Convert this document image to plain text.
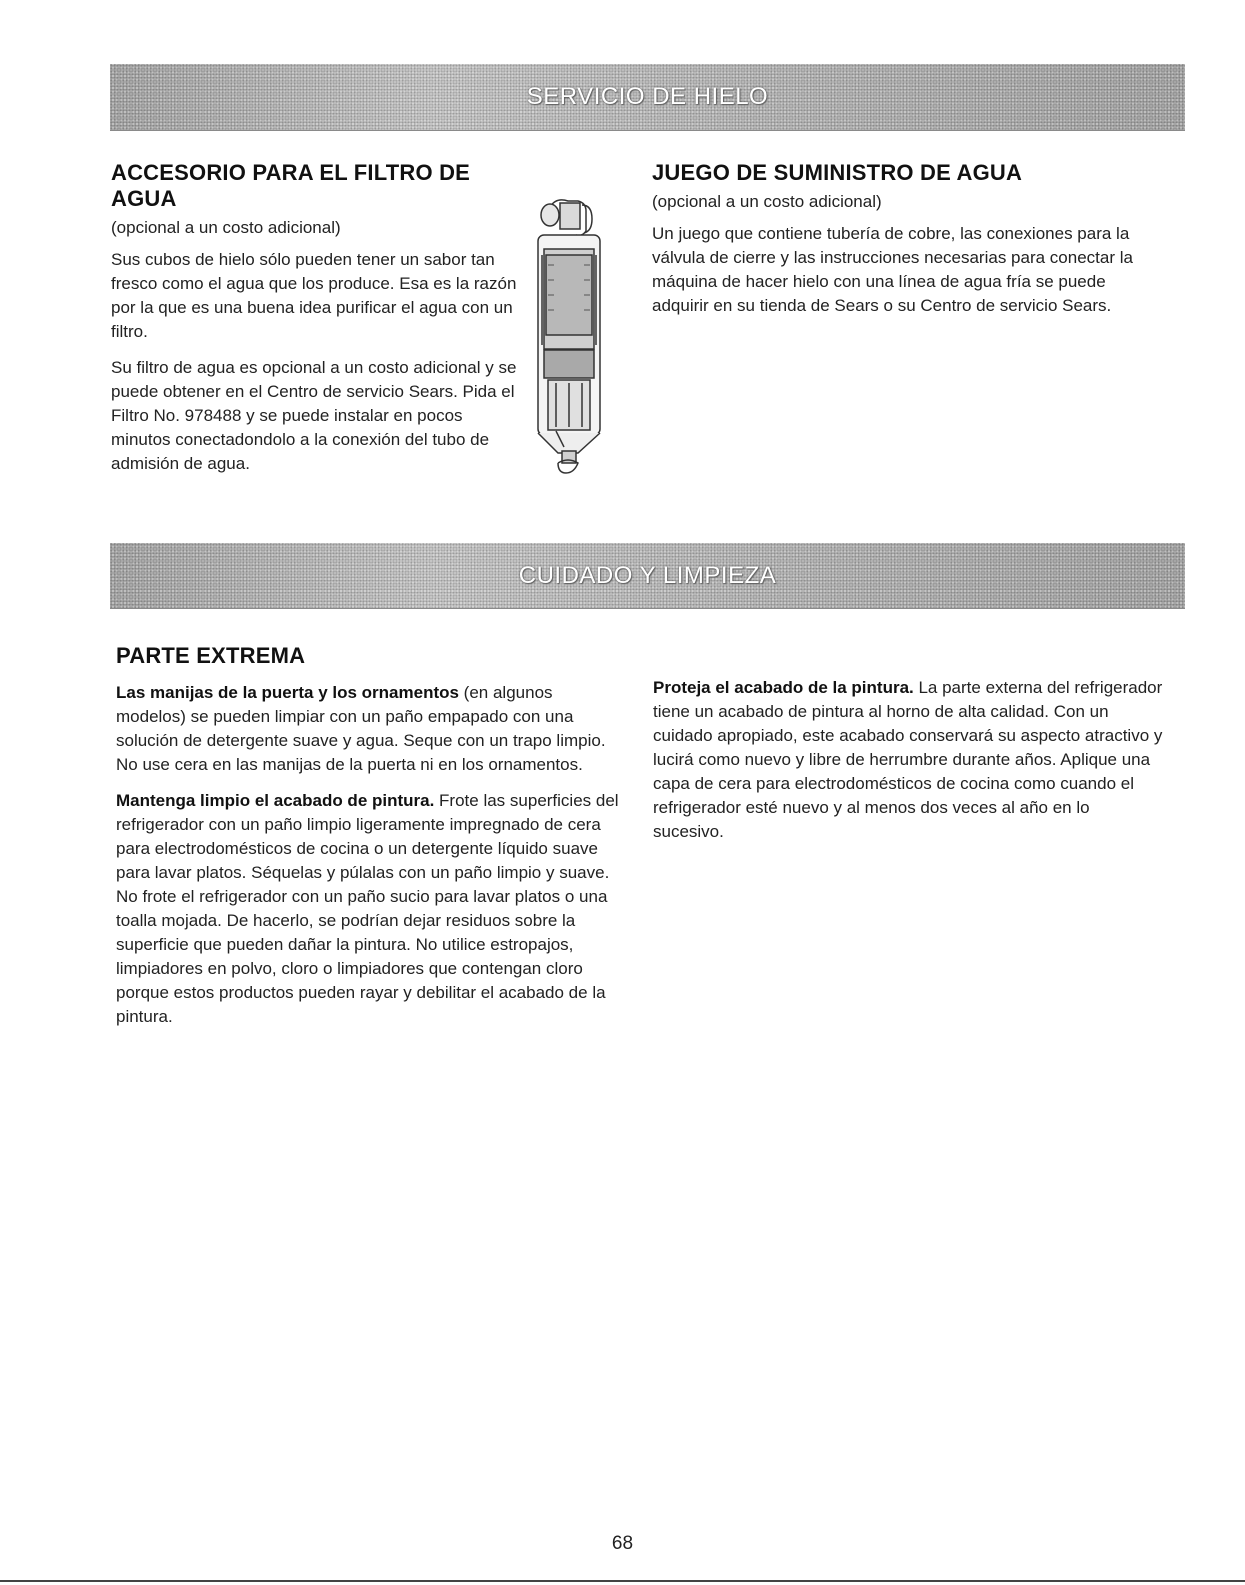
SERVICIO DE HIELO
ACCESORIO PARA EL FILTRO DE AGUA
(opcional a un costo adicional)

Sus cubos de hielo sólo pueden tener un sabor tan fresco como el agua que los produce. Esa es la razón por la que es una buena idea purificar el agua con un filtro.

Su filtro de agua es opcional a un costo adicional y se puede obtener en el Centro de servicio Sears. Pida el Filtro No. 978488 y se puede instalar en pocos minutos conectadondolo a la conexión del tubo de admisión de agua.

JUEGO DE SUMINISTRO DE AGUA
(opcional a un costo adicional)

Un juego que contiene tubería de cobre, las conexiones para la válvula de cierre y las instrucciones necesarias para conectar la máquina de hacer hielo con una línea de agua fría se puede adquirir en su tienda de Sears o su Centro de servicio Sears.

CUIDADO Y LIMPIEZA
PARTE EXTREMA

Las manijas de la puerta y los ornamentos (en algunos modelos) se pueden limpiar con un paño empapado con una solución de detergente suave y agua. Seque con un trapo limpio. No use cera en las manijas de la puerta ni en los ornamentos.

Mantenga limpio el acabado de pintura. Frote las superficies del refrigerador con un paño limpio ligeramente impregnado de cera para electrodomésticos de cocina o un detergente líquido suave para lavar platos. Séquelas y púlalas con un paño limpio y suave. No frote el refrigerador con un paño sucio para lavar platos o una toalla mojada. De hacerlo, se podrían dejar residuos sobre la superficie que pueden dañar la pintura. No utilice estropajos, limpiadores en polvo, cloro o limpiadores que contengan cloro porque estos productos pueden rayar y debilitar el acabado de la pintura.

Proteja el acabado de la pintura. La parte externa del refrigerador tiene un acabado de pintura al horno de alta calidad. Con un cuidado apropiado, este acabado conservará su aspecto atractivo y lucirá como nuevo y libre de herrumbre durante años. Aplique una capa de cera para electrodomésticos de cocina como cuando el refrigerador esté nuevo y al menos dos veces al año en lo sucesivo.

68
